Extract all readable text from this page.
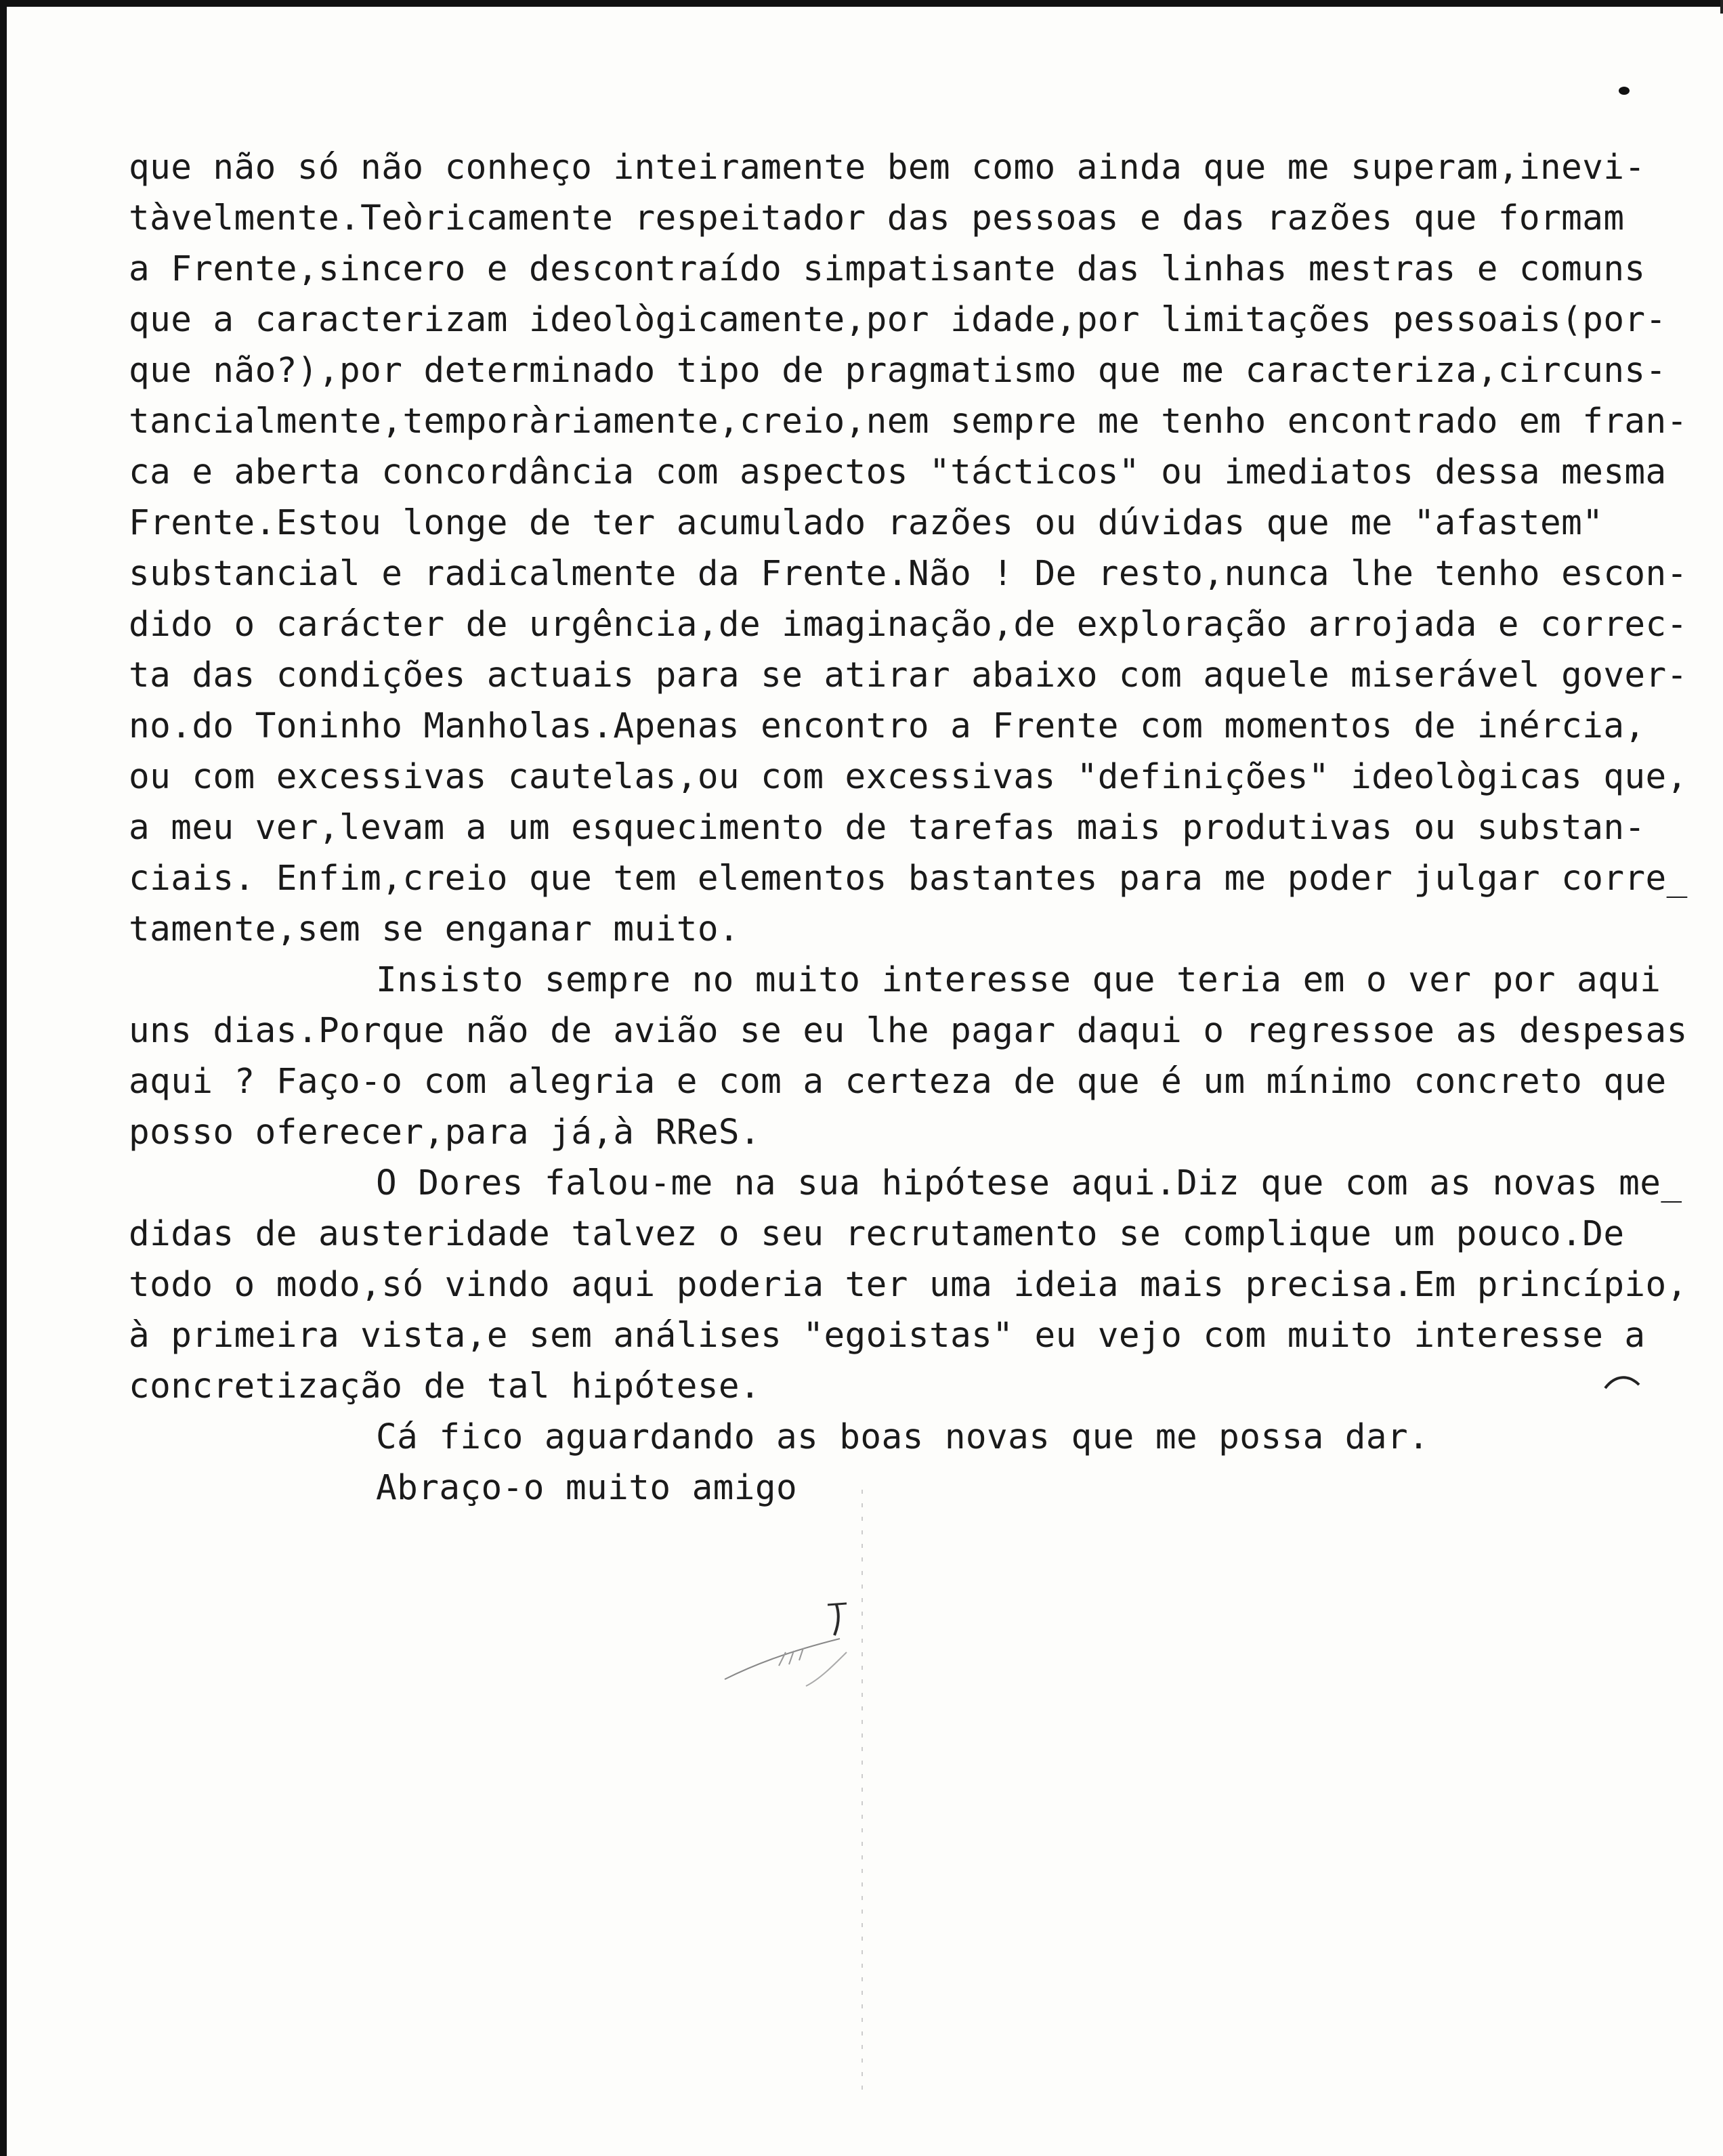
que não só não conheço inteiramente bem como ainda que me superam,inevi-
tàvelmente.Teòricamente respeitador das pessoas e das razões que formam
a Frente,sincero e descontraído simpatisante das linhas mestras e comuns
que a caracterizam ideològicamente,por idade,por limitações pessoais(por-
que não?),por determinado tipo de pragmatismo que me caracteriza,circuns-
tancialmente,temporàriamente,creio,nem sempre me tenho encontrado em fran-
ca e aberta concordância com aspectos "tácticos" ou imediatos dessa mesma
Frente.Estou longe de ter acumulado razões ou dúvidas que me "afastem"
substancial e radicalmente da Frente.Não ! De resto,nunca lhe tenho escon-
dido o carácter de urgência,de imaginação,de exploração arrojada e correc-
ta das condições actuais para se atirar abaixo com aquele miserável gover-
no.do Toninho Manholas.Apenas encontro a Frente com momentos de inércia,
ou com excessivas cautelas,ou com excessivas "definições" ideològicas que,
a meu ver,levam a um esquecimento de tarefas mais produtivas ou substan-
ciais. Enfim,creio que tem elementos bastantes para me poder julgar corre_
tamente,sem se enganar muito.
Insisto sempre no muito interesse que teria em o ver por aqui
uns dias.Porque não de avião se eu lhe pagar daqui o regressoe as despesas
aqui ? Faço-o com alegria e com a certeza de que é um mínimo concreto que
posso oferecer,para já,à RReS.
O Dores falou-me na sua hipótese aqui.Diz que com as novas me_
didas de austeridade talvez o seu recrutamento se complique um pouco.De
todo o modo,só vindo aqui poderia ter uma ideia mais precisa.Em princípio,
à primeira vista,e sem análises "egoistas" eu vejo com muito interesse a
concretização de tal hipótese.
Cá fico aguardando as boas novas que me possa dar.
Abraço-o muito amigo
